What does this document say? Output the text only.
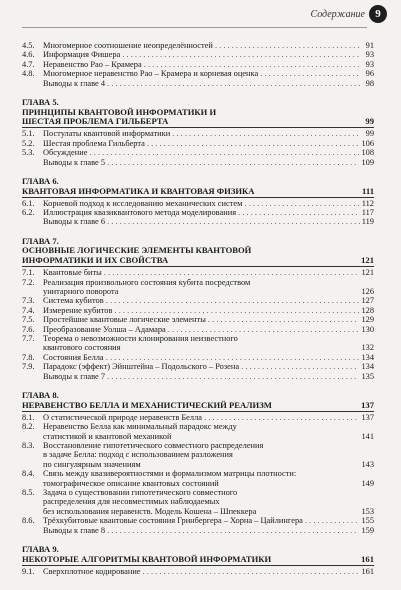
Содержание 9
4.5.	Многомерное соотношение неопределённостей . . .	91
4.6.	Информация Фишера . . .	93
4.7.	Неравенство Рао – Крамера . . .	93
4.8.	Многомерное неравенство Рао – Крамера и корневая оценка . . .	96
Выводы к главе 4 . . .	98
ГЛАВА 5.
ПРИНЦИПЫ КВАНТОВОЙ ИНФОРМАТИКИ И
ШЕСТАЯ ПРОБЛЕМА ГИЛЬБЕРТА	99
5.1.	Постулаты квантовой информатики . . .	99
5.2.	Шестая проблема Гильберта . . .	106
5.3.	Обсуждение . . .	108
Выводы к главе 5 . . .	109
ГЛАВА 6.
КВАНТОВАЯ ИНФОРМАТИКА И КВАНТОВАЯ ФИЗИКА	111
6.1.	Корневой подход к исследованию механических систем . . .	112
6.2.	Иллюстрация квазиквантового метода моделирования . . .	117
Выводы к главе 6 . . .	119
ГЛАВА 7.
ОСНОВНЫЕ ЛОГИЧЕСКИЕ ЭЛЕМЕНТЫ КВАНТОВОЙ
ИНФОРМАТИКИ И ИХ СВОЙСТВА	121
7.1.	Квантовые биты . . .	121
7.2.	Реализация произвольного состояния кубита посредством
унитарного поворота	126
7.3.	Система кубитов . . .	127
7.4.	Измерение кубитов . . .	128
7.5.	Простейшие квантовые логические элементы . . .	129
7.6.	Преобразование Уолша – Адамара . . .	130
7.7.	Теорема о невозможности клонирования неизвестного
квантового состояния	132
7.8.	Состояния Белла . . .	134
7.9.	Парадокс (эффект) Эйнштейна – Подольского – Розена . . .	134
Выводы к главе 7 . . .	135
ГЛАВА 8.
НЕРАВЕНСТВО БЕЛЛА И МЕХАНИСТИЧЕСКИЙ РЕАЛИЗМ	137
8.1.	О статистической природе неравенств Белла . . .	137
8.2.	Неравенство Белла как минимальный парадокс между
статистикой и квантовой механикой	141
8.3.	Восстановление гипотетического совместного распределения
в задаче Белла: подход с использованием разложения
по сингулярным значениям	143
8.4.	Связь между квазивероятностями и формализмом матрицы плотности:
томографическое описание квантовых состояний	149
8.5.	Задача о существовании гипотетического совместного
распределения для несовместимых наблюдаемых
без использования неравенств. Модель Кошена – Шпеккера	153
8.6.	Трёхкубитовые квантовые состояния Гринбергера – Хорна – Цайлингера . . .	155
Выводы к главе 8 . . .	159
ГЛАВА 9.
НЕКОТОРЫЕ АЛГОРИТМЫ КВАНТОВОЙ ИНФОРМАТИКИ	161
9.1.	Сверхплотное кодирование . . .	161
